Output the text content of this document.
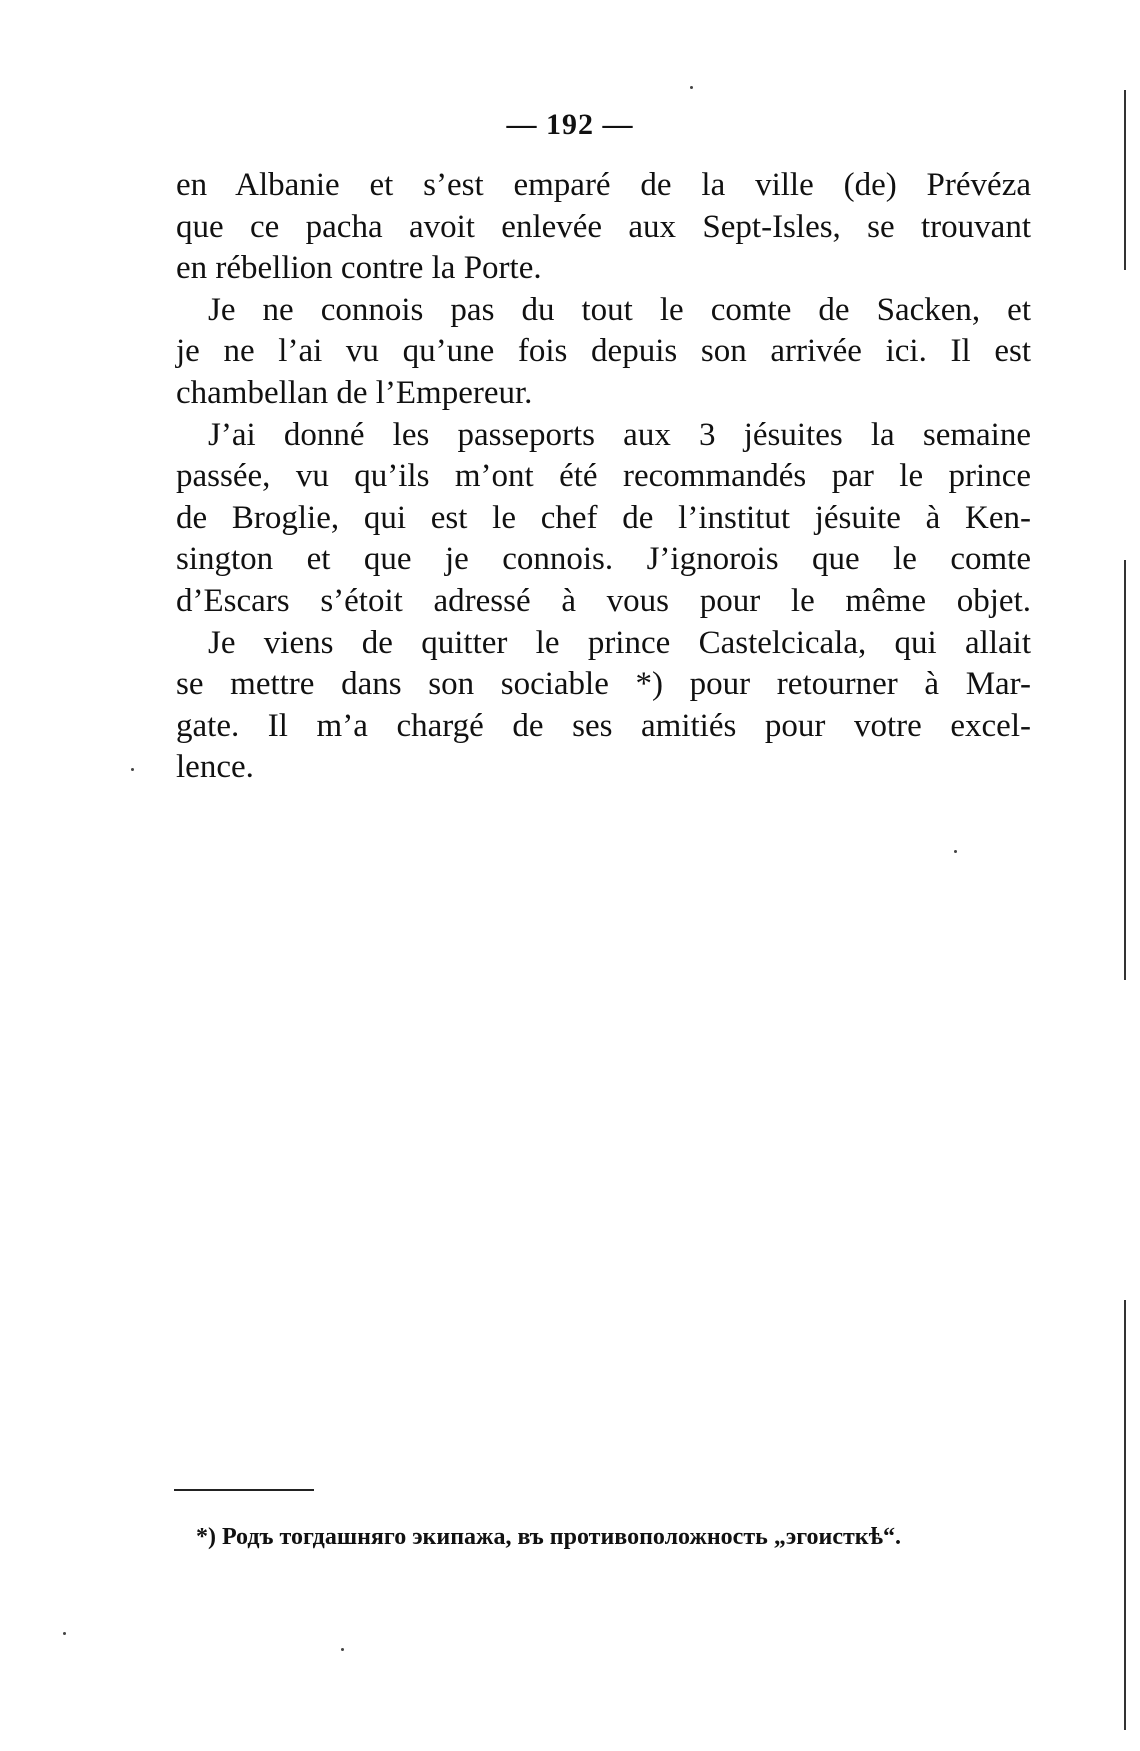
— 192 —
en Albanie et s’est emparé de la ville (de) Prévéza
que ce pacha avoit enlevée aux Sept-Isles, se trouvant
en rébellion contre la Porte.
Je ne connois pas du tout le comte de Sacken, et
je ne l’ai vu qu’une fois depuis son arrivée ici. Il est
chambellan de l’Empereur.
J’ai donné les passeports aux 3 jésuites la semaine
passée, vu qu’ils m’ont été recommandés par le prince
de Broglie, qui est le chef de l’institut jésuite à Ken-
sington et que je connois. J’ignorois que le comte
d’Escars s’étoit adressé à vous pour le même objet.
Je viens de quitter le prince Castelcicala, qui allait
se mettre dans son sociable *) pour retourner à Mar-
gate. Il m’a chargé de ses amitiés pour votre excel-
lence.
*) Родъ тогдашняго экипажа, въ противоположность „эгоисткѣ“.
